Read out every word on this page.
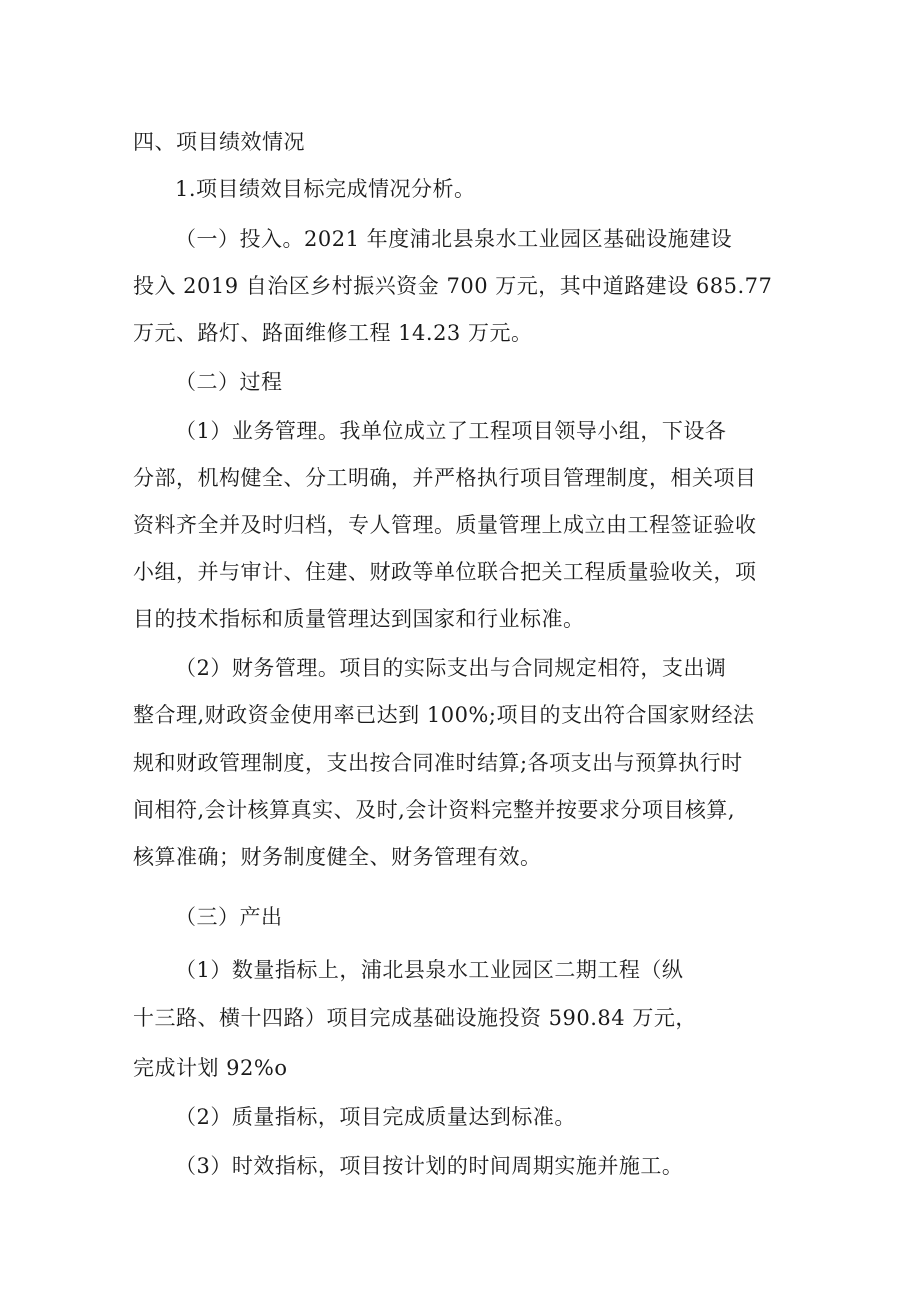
四、项目绩效情况
1.项目绩效目标完成情况分析。
（一）投入。2021 年度浦北县泉水工业园区基础设施建设
投入 2019 自治区乡村振兴资金 700 万元，其中道路建设 685.77
万元、路灯、路面维修工程 14.23 万元。
（二）过程
（1）业务管理。我单位成立了工程项目领导小组，下设各
分部，机构健全、分工明确，并严格执行项目管理制度，相关项目
资料齐全并及时归档，专人管理。质量管理上成立由工程签证验收
小组，并与审计、住建、财政等单位联合把关工程质量验收关，项
目的技术指标和质量管理达到国家和行业标准。
（2）财务管理。项目的实际支出与合同规定相符，支出调
整合理,财政资金使用率已达到 100%;项目的支出符合国家财经法
规和财政管理制度，支出按合同准时结算;各项支出与预算执行时
间相符,会计核算真实、及时,会计资料完整并按要求分项目核算,
核算准确；财务制度健全、财务管理有效。
（三）产出
（1）数量指标上，浦北县泉水工业园区二期工程（纵
十三路、横十四路）项目完成基础设施投资 590.84 万元，
完成计划 92%o
（2）质量指标，项目完成质量达到标准。
（3）时效指标，项目按计划的时间周期实施并施工。
